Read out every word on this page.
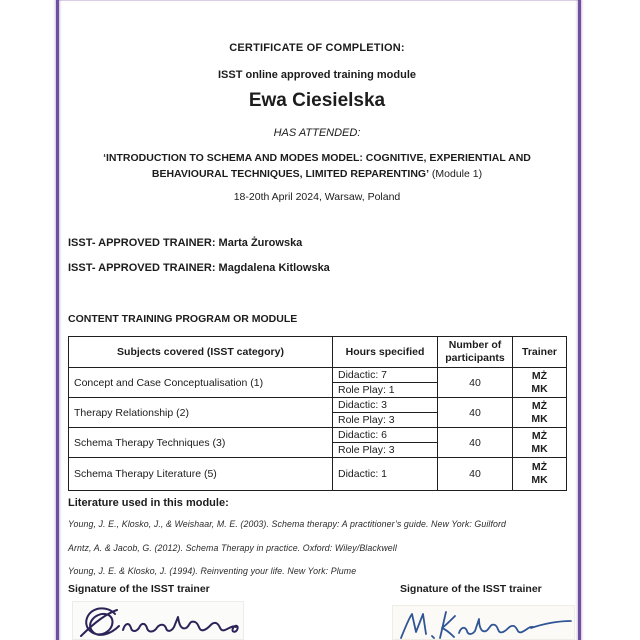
CERTIFICATE OF COMPLETION:
ISST online approved training module
Ewa Ciesielska
HAS ATTENDED:
‘INTRODUCTION TO SCHEMA AND MODES MODEL: COGNITIVE, EXPERIENTIAL AND BEHAVIOURAL TECHNIQUES, LIMITED REPARENTING’ (Module 1)
18-20th April 2024, Warsaw, Poland
ISST- APPROVED TRAINER: Marta Żurowska
ISST- APPROVED TRAINER: Magdalena Kitlowska
CONTENT TRAINING PROGRAM OR MODULE
Subjects covered (ISST category)	Hours specified	Number of participants	Trainer
Concept and Case Conceptualisation (1)	Didactic: 7	40	MŻ
MK

	Role Play: 1		
Therapy Relationship (2)	Didactic: 3	40	MŻ
MK

	Role Play: 3		
Schema Therapy Techniques (3)	Didactic: 6	40	MŻ
MK

	Role Play: 3		
Schema Therapy Literature (5)	Didactic: 1	40	MŻ
MK
Literature used in this module:
Young, J. E., Klosko, J., & Weishaar, M. E. (2003). Schema therapy: A practitioner’s guide. New York: Guilford
Arntz, A. & Jacob, G. (2012). Schema Therapy in practice. Oxford: Wiley/Blackwell
Young, J. E. & Klosko, J. (1994). Reinventing your life. New York: Plume
Signature of the ISST trainer	Signature of the ISST trainer
